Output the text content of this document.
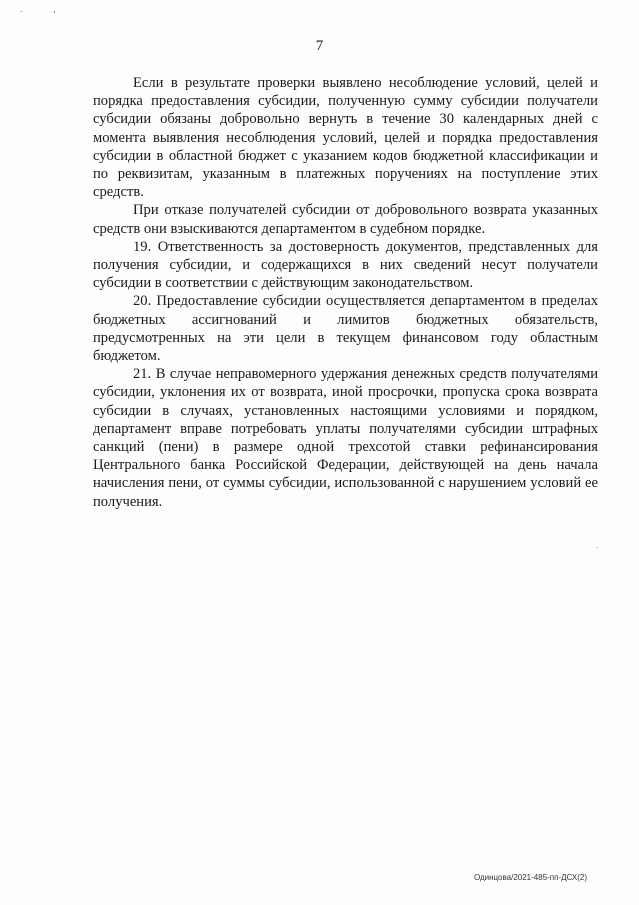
. ,
7

Если в результате проверки выявлено несоблюдение условий, целей и порядка предоставления субсидии, полученную сумму субсидии получатели субсидии обязаны добровольно вернуть в течение 30 календарных дней с момента выявления несоблюдения условий, целей и порядка предоставления субсидии в областной бюджет с указанием кодов бюджетной классификации и по реквизитам, указанным в платежных поручениях на поступление этих средств.

При отказе получателей субсидии от добровольного возврата указанных средств они взыскиваются департаментом в судебном порядке.

19. Ответственность за достоверность документов, представленных для получения субсидии, и содержащихся в них сведений несут получатели субсидии в соответствии с действующим законодательством.

20. Предоставление субсидии осуществляется департаментом в пределах бюджетных ассигнований и лимитов бюджетных обязательств, предусмотренных на эти цели в текущем финансовом году областным бюджетом.

21. В случае неправомерного удержания денежных средств получателями субсидии, уклонения их от возврата, иной просрочки, пропуска срока возврата субсидии в случаях, установленных настоящими условиями и порядком, департамент вправе потребовать уплаты получателями субсидии штрафных санкций (пени) в размере одной трехсотой ставки рефинансирования Центрального банка Российской Федерации, действующей на день начала начисления пени, от суммы субсидии, использованной с нарушением условий ее получения.

Одинцова/2021-485-пп-ДСХ(2)
